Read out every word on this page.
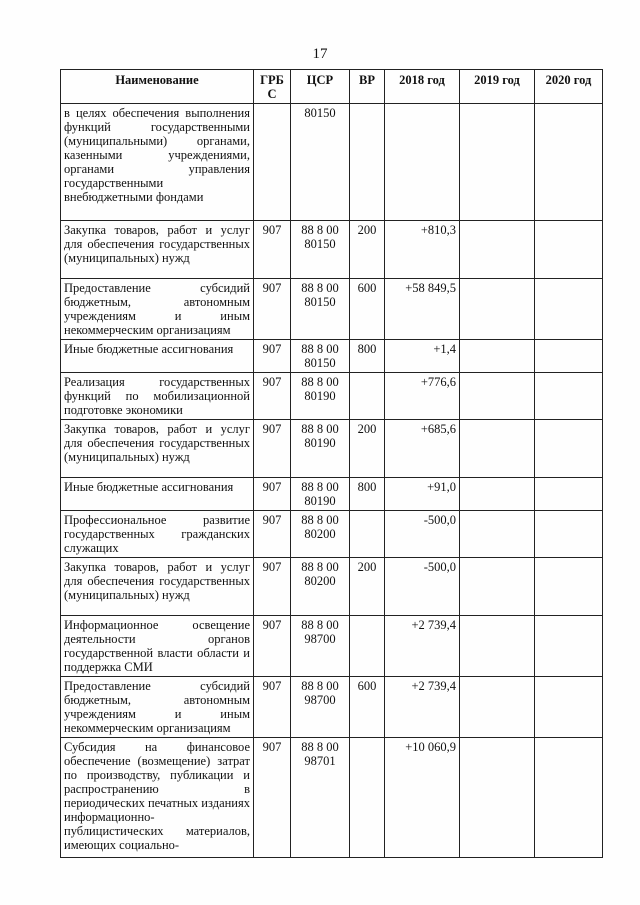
17
Наименование	ГРБ С	ЦСР	ВР	2018 год	2019 год	2020 год
в целях обеспечения выполнения функций государственными (муниципальными) органами, казенными учреждениями, органами управления государственными внебюджетными фондами		80150				
Закупка товаров, работ и услуг для обеспечения государственных (муниципальных) нужд	907	88 8 00 80150	200	+810,3		
Предоставление субсидий бюджетным, автономным учреждениям и иным некоммерческим организациям	907	88 8 00 80150	600	+58 849,5		
Иные бюджетные ассигнования	907	88 8 00 80150	800	+1,4		
Реализация государственных функций по мобилизационной подготовке экономики	907	88 8 00 80190		+776,6		
Закупка товаров, работ и услуг для обеспечения государственных (муниципальных) нужд	907	88 8 00 80190	200	+685,6		
Иные бюджетные ассигнования	907	88 8 00 80190	800	+91,0		
Профессиональное развитие государственных гражданских служащих	907	88 8 00 80200		-500,0		
Закупка товаров, работ и услуг для обеспечения государственных (муниципальных) нужд	907	88 8 00 80200	200	-500,0		
Информационное освещение деятельности органов государственной власти области и поддержка СМИ	907	88 8 00 98700		+2 739,4		
Предоставление субсидий бюджетным, автономным учреждениям и иным некоммерческим организациям	907	88 8 00 98700	600	+2 739,4		
Субсидия на финансовое обеспечение (возмещение) затрат по производству, публикации и распространению в периодических печатных изданиях информационно-публицистических материалов, имеющих социально-	907	88 8 00 98701		+10 060,9		
